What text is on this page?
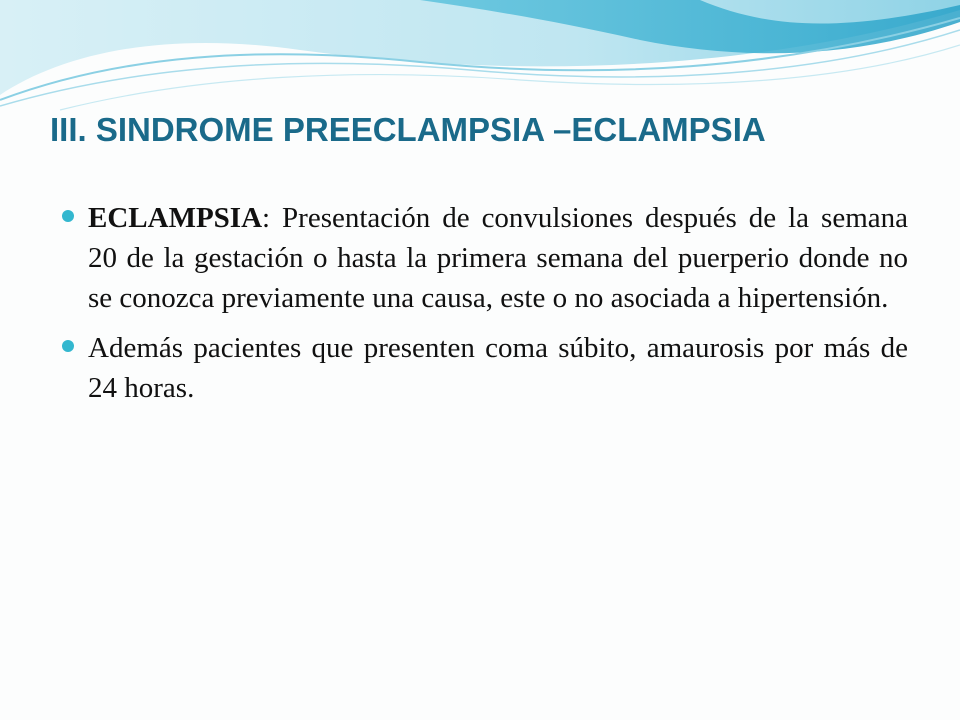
III. SINDROME PREECLAMPSIA –ECLAMPSIA
ECLAMPSIA: Presentación de convulsiones después de la semana 20 de la gestación o hasta la primera semana del puerperio donde no se conozca previamente una causa, este o no asociada a hipertensión.
Además pacientes que presenten coma súbito, amaurosis por más de 24 horas.
